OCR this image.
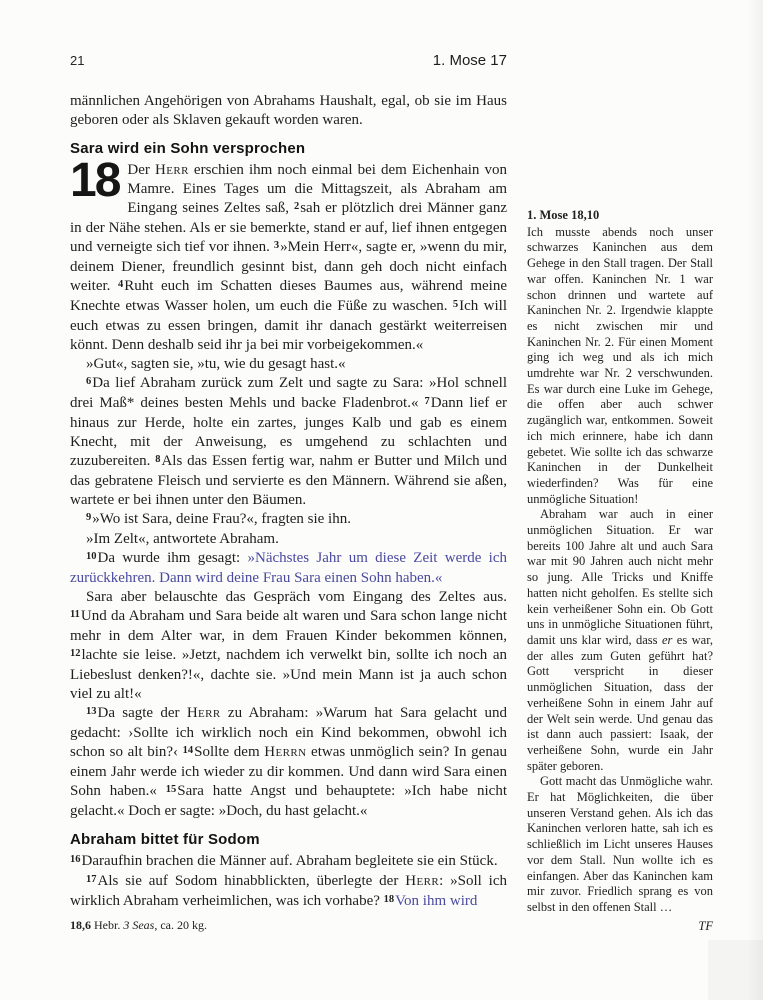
21	1. Mose 17

männlichen Angehörigen von Abrahams Haushalt, egal, ob sie im Haus geboren oder als Sklaven gekauft worden waren.

Sara wird ein Sohn versprochen

18 Der Herr erschien ihm noch einmal bei dem Eichenhain von Mamre. Eines Tages um die Mittagszeit, als Abraham am Eingang seines Zeltes saß, $^2$sah er plötzlich drei Männer ganz in der Nähe stehen. Als er sie bemerkte, stand er auf, lief ihnen entgegen und verneigte sich tief vor ihnen. $^3$»Mein Herr«, sagte er, »wenn du mir, deinem Diener, freundlich gesinnt bist, dann geh doch nicht einfach weiter. $^4$Ruht euch im Schatten dieses Baumes aus, während meine Knechte etwas Wasser holen, um euch die Füße zu waschen. $^5$Ich will euch etwas zu essen bringen, damit ihr danach gestärkt weiterreisen könnt. Denn deshalb seid ihr ja bei mir vorbeigekommen.«

»Gut«, sagten sie, »tu, wie du gesagt hast.«

$^6$Da lief Abraham zurück zum Zelt und sagte zu Sara: »Hol schnell drei Maß* deines besten Mehls und backe Fladenbrot.« $^7$Dann lief er hinaus zur Herde, holte ein zartes, junges Kalb und gab es einem Knecht, mit der Anweisung, es umgehend zu schlachten und zuzubereiten. $^8$Als das Essen fertig war, nahm er Butter und Milch und das gebratene Fleisch und servierte es den Männern. Während sie aßen, wartete er bei ihnen unter den Bäumen.

$^9$»Wo ist Sara, deine Frau?«, fragten sie ihn.

»Im Zelt«, antwortete Abraham.

$^{10}$Da wurde ihm gesagt: »Nächstes Jahr um diese Zeit werde ich zurückkehren. Dann wird deine Frau Sara einen Sohn haben.«

Sara aber belauschte das Gespräch vom Eingang des Zeltes aus. $^{11}$Und da Abraham und Sara beide alt waren und Sara schon lange nicht mehr in dem Alter war, in dem Frauen Kinder bekommen können, $^{12}$lachte sie leise. »Jetzt, nachdem ich verwelkt bin, sollte ich noch an Liebeslust denken?!«, dachte sie. »Und mein Mann ist ja auch schon viel zu alt!«

$^{13}$Da sagte der Herr zu Abraham: »Warum hat Sara gelacht und gedacht: ›Sollte ich wirklich noch ein Kind bekommen, obwohl ich schon so alt bin?‹ $^{14}$Sollte dem Herrn etwas unmöglich sein? In genau einem Jahr werde ich wieder zu dir kommen. Und dann wird Sara einen Sohn haben.« $^{15}$Sara hatte Angst und behauptete: »Ich habe nicht gelacht.« Doch er sagte: »Doch, du hast gelacht.«

Abraham bittet für Sodom

$^{16}$Daraufhin brachen die Männer auf. Abraham begleitete sie ein Stück.

$^{17}$Als sie auf Sodom hinabblickten, überlegte der Herr: »Soll ich wirklich Abraham verheimlichen, was ich vorhabe? $^{18}$Von ihm wird

1. Mose 18,10

Ich musste abends noch unser schwarzes Kaninchen aus dem Gehege in den Stall tragen. Der Stall war offen. Kaninchen Nr. 1 war schon drinnen und wartete auf Kaninchen Nr. 2. Irgendwie klappte es nicht zwischen mir und Kaninchen Nr. 2. Für einen Moment ging ich weg und als ich mich umdrehte war Nr. 2 verschwunden. Es war durch eine Luke im Gehege, die offen aber auch schwer zugänglich war, entkommen. Soweit ich mich erinnere, habe ich dann gebetet. Wie sollte ich das schwarze Kaninchen in der Dunkelheit wiederfinden? Was für eine unmögliche Situation!

Abraham war auch in einer unmöglichen Situation. Er war bereits 100 Jahre alt und auch Sara war mit 90 Jahren auch nicht mehr so jung. Alle Tricks und Kniffe hatten nicht geholfen. Es stellte sich kein verheißener Sohn ein. Ob Gott uns in unmögliche Situationen führt, damit uns klar wird, dass er es war, der alles zum Guten geführt hat? Gott verspricht in dieser unmöglichen Situation, dass der verheißene Sohn in einem Jahr auf der Welt sein werde. Und genau das ist dann auch passiert: Isaak, der verheißene Sohn, wurde ein Jahr später geboren.

Gott macht das Unmögliche wahr. Er hat Möglichkeiten, die über unseren Verstand gehen. Als ich das Kaninchen verloren hatte, sah ich es schließlich im Licht unseres Hauses vor dem Stall. Nun wollte ich es einfangen. Aber das Kaninchen kam mir zuvor. Friedlich sprang es von selbst in den offenen Stall …

TF

18,6 Hebr. 3 Seas, ca. 20 kg.
